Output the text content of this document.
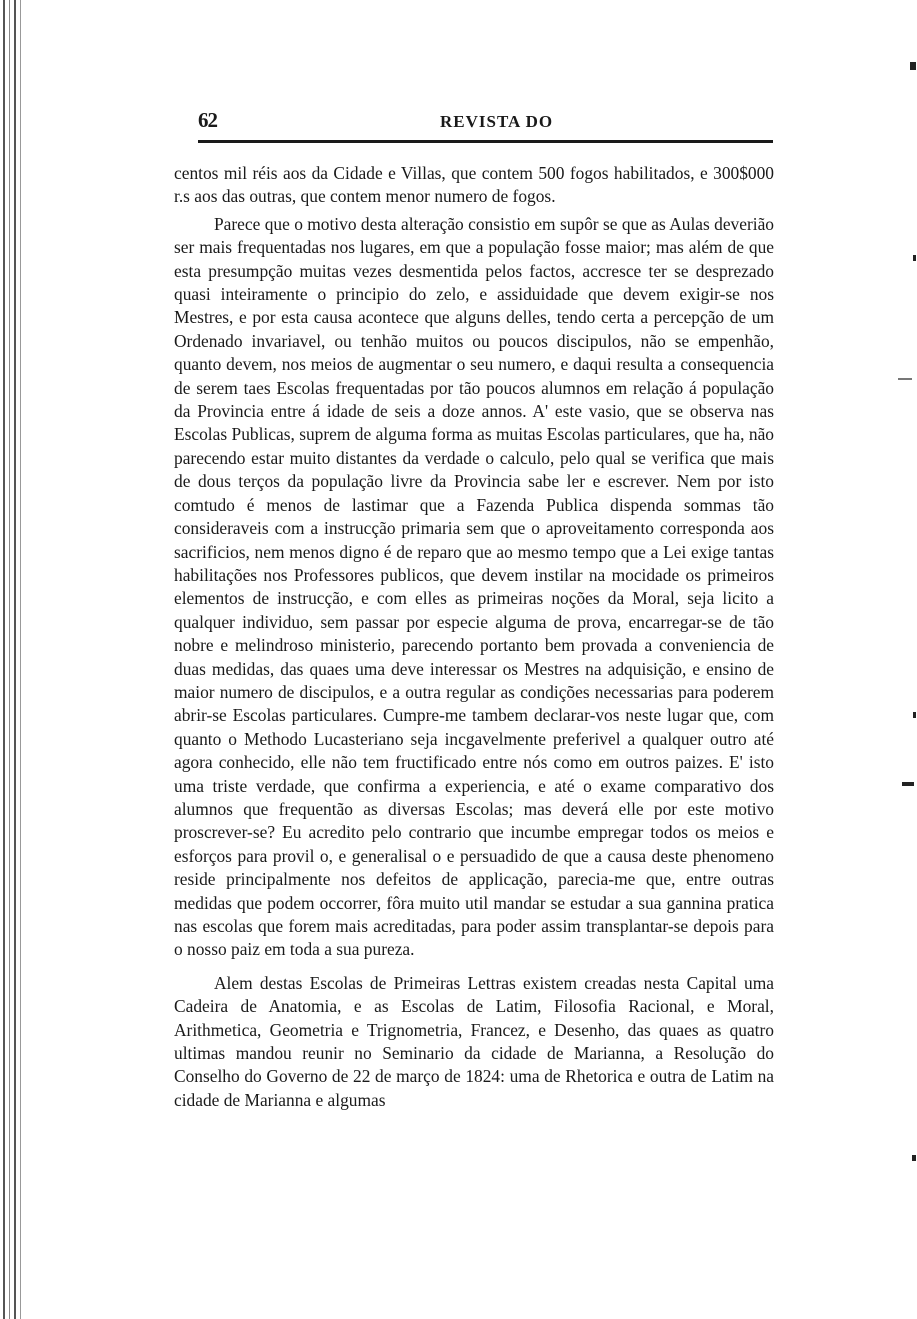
62	REVISTA DO

centos mil réis aos da Cidade e Villas, que contem 500 fogos habilitados, e 300$000 r.s aos das outras, que contem menor numero de fogos.

Parece que o motivo desta alteração consistio em supôr se que as Aulas deverião ser mais frequentadas nos lugares, em que a população fosse maior; mas além de que esta presumpção muitas vezes desmentida pelos factos, accresce ter se desprezado quasi inteiramente o principio do zelo, e assiduidade que devem exigir-se nos Mestres, e por esta causa acontece que alguns delles, tendo certa a percepção de um Ordenado invariavel, ou tenhão muitos ou poucos discipulos, não se empenhão, quanto devem, nos meios de augmentar o seu numero, e daqui resulta a consequencia de serem taes Escolas frequentadas por tão poucos alumnos em relação á população da Provincia entre á idade de seis a doze annos. A' este vasio, que se observa nas Escolas Publicas, suprem de alguma forma as muitas Escolas particulares, que ha, não parecendo estar muito distantes da verdade o calculo, pelo qual se verifica que mais de dous terços da população livre da Provincia sabe ler e escrever. Nem por isto comtudo é menos de lastimar que a Fazenda Publica dispenda sommas tão consideraveis com a instrucção primaria sem que o aproveitamento corresponda aos sacrificios, nem menos digno é de reparo que ao mesmo tempo que a Lei exige tantas habilitações nos Professores publicos, que devem instilar na mocidade os primeiros elementos de instrucção, e com elles as primeiras noções da Moral, seja licito a qualquer individuo, sem passar por especie alguma de prova, encarregar-se de tão nobre e melindroso ministerio, parecendo portanto bem provada a conveniencia de duas medidas, das quaes uma deve interessar os Mestres na adquisição, e ensino de maior numero de discipulos, e a outra regular as condições necessarias para poderem abrir-se Escolas particulares. Cumpre-me tambem declarar-vos neste lugar que, com quanto o Methodo Lucasteriano seja incgavelmente preferivel a qualquer outro até agora conhecido, elle não tem fructificado entre nós como em outros paizes. E' isto uma triste verdade, que confirma a experiencia, e até o exame comparativo dos alumnos que frequentão as diversas Escolas; mas deverá elle por este motivo proscrever-se? Eu acredito pelo contrario que incumbe empregar todos os meios e esforços para provil o, e generalisal o e persuadido de que a causa deste phenomeno reside principalmente nos defeitos de applicação, parecia-me que, entre outras medidas que podem occorrer, fôra muito util mandar se estudar a sua gannina pratica nas escolas que forem mais acreditadas, para poder assim transplantar-se depois para o nosso paiz em toda a sua pureza.

Alem destas Escolas de Primeiras Lettras existem creadas nesta Capital uma Cadeira de Anatomia, e as Escolas de Latim, Filosofia Racional, e Moral, Arithmetica, Geometria e Trignometria, Francez, e Desenho, das quaes as quatro ultimas mandou reunir no Seminario da cidade de Marianna, a Resolução do Conselho do Governo de 22 de março de 1824: uma de Rhetorica e outra de Latim na cidade de Marianna e algumas
